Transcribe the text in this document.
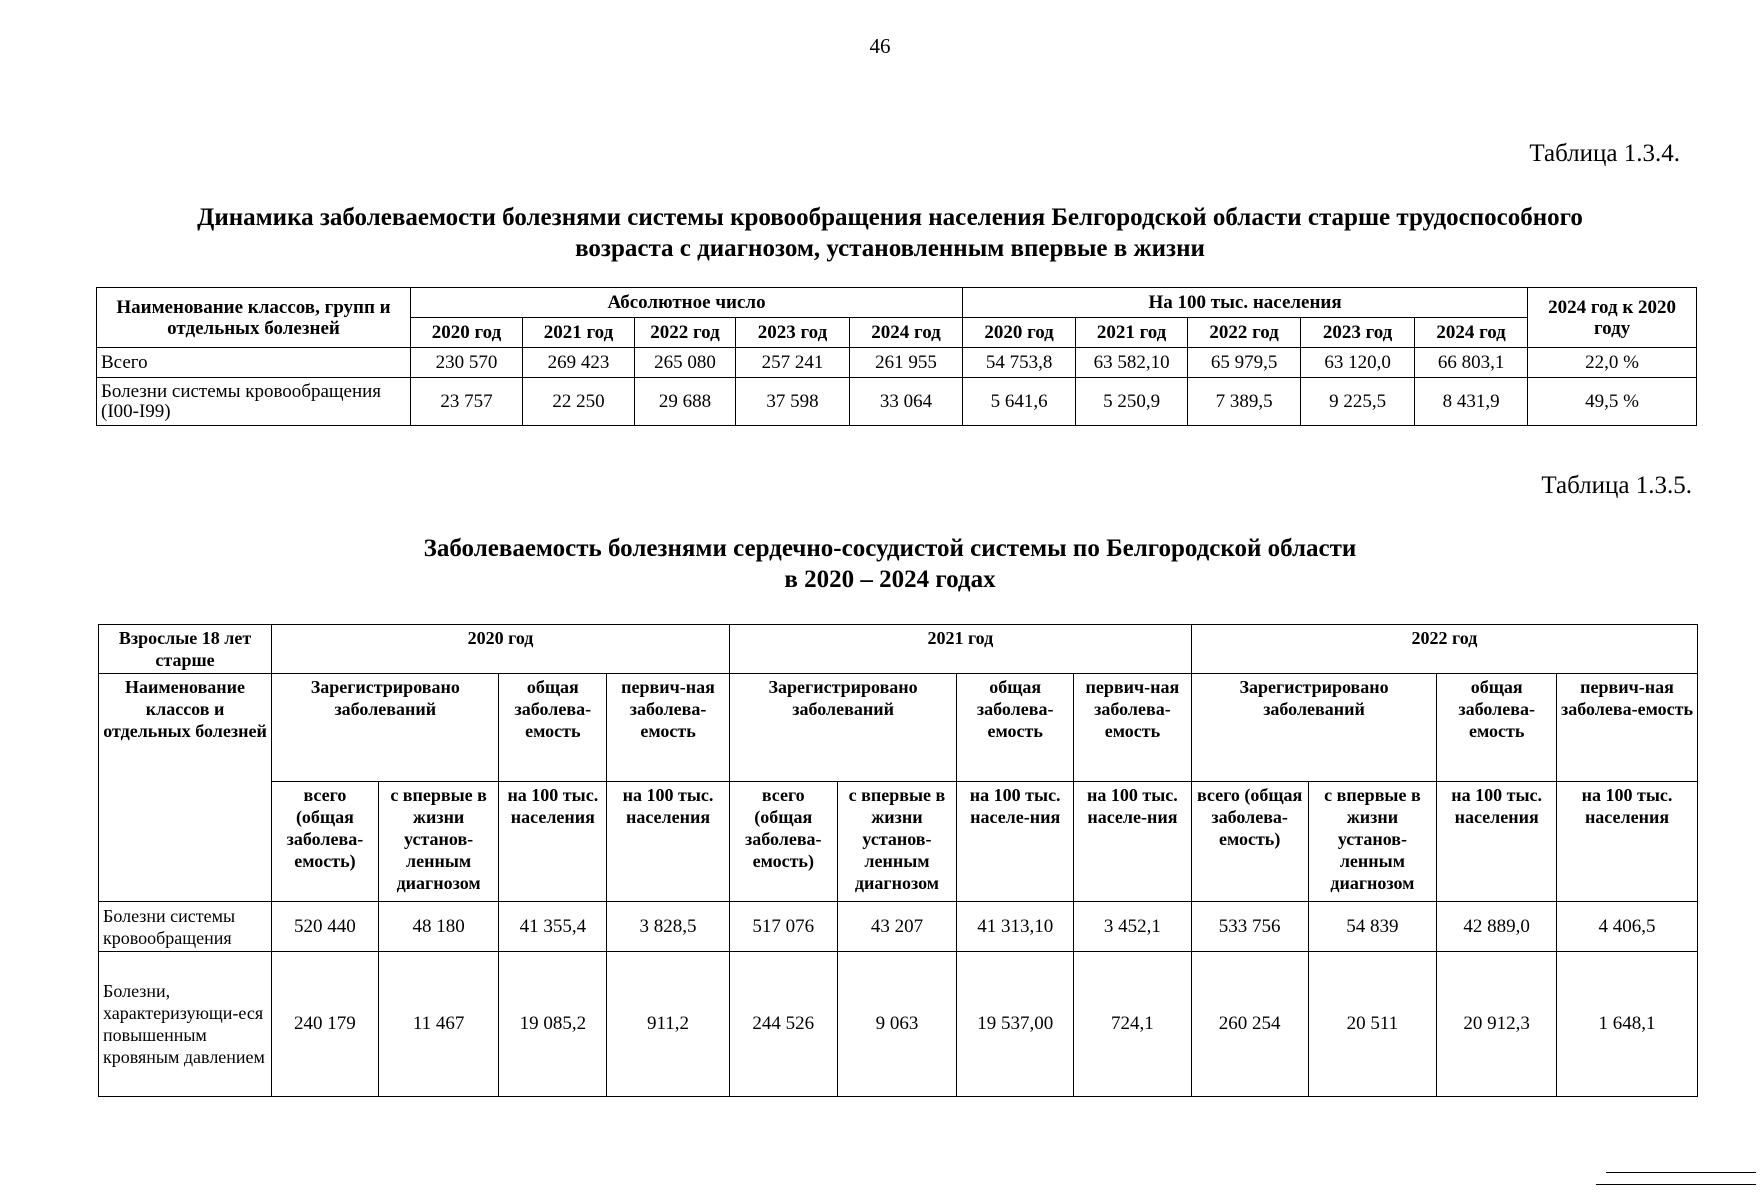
46
Таблица 1.3.4.
Динамика заболеваемости болезнями системы кровообращения населения Белгородской области старше трудоспособного
возраста с диагнозом, установленным впервые в жизни
Наименование классов, групп и отдельных болезней	Абсолютное число					На 100 тыс. населения					2024 год к 2020 году
	2020 год	2021 год	2022 год	2023 год	2024 год	2020 год	2021 год	2022 год	2023 год	2024 год	
Всего	230 570	269 423	265 080	257 241	261 955	54 753,8	63 582,10	65 979,5	63 120,0	66 803,1	22,0 %
Болезни системы кровообращения (I00-I99)	23 757	22 250	29 688	37 598	33 064	5 641,6	5 250,9	7 389,5	9 225,5	8 431,9	49,5 %
Таблица 1.3.5.
Заболеваемость болезнями сердечно-сосудистой системы по Белгородской области
в 2020 – 2024 годах
Взрослые 18 лет старше	2020 год				2021 год				2022 год			
Наименование классов и отдельных болезней	Зарегистрировано заболеваний		общая заболева-емость	первич-ная заболева-емость	Зарегистрировано заболеваний		общая заболева-емость	первич-ная заболева-емость	Зарегистрировано заболеваний		общая заболева-емость	первич-ная заболева-емость
	всего (общая заболева-емость)	с впервые в жизни установ-ленным диагнозом	на 100 тыс. населения	на 100 тыс. населения	всего (общая заболева-емость)	с впервые в жизни установ-ленным диагнозом	на 100 тыс. населе-ния	на 100 тыс. населе-ния	всего (общая заболева-емость)	с впервые в жизни установ-ленным диагнозом	на 100 тыс. населения	на 100 тыс. населения
Болезни системы кровообращения	520 440	48 180	41 355,4	3 828,5	517 076	43 207	41 313,10	3 452,1	533 756	54 839	42 889,0	4 406,5
Болезни, характеризующи-еся повышенным кровяным давлением	240 179	11 467	19 085,2	911,2	244 526	9 063	19 537,00	724,1	260 254	20 511	20 912,3	1 648,1
